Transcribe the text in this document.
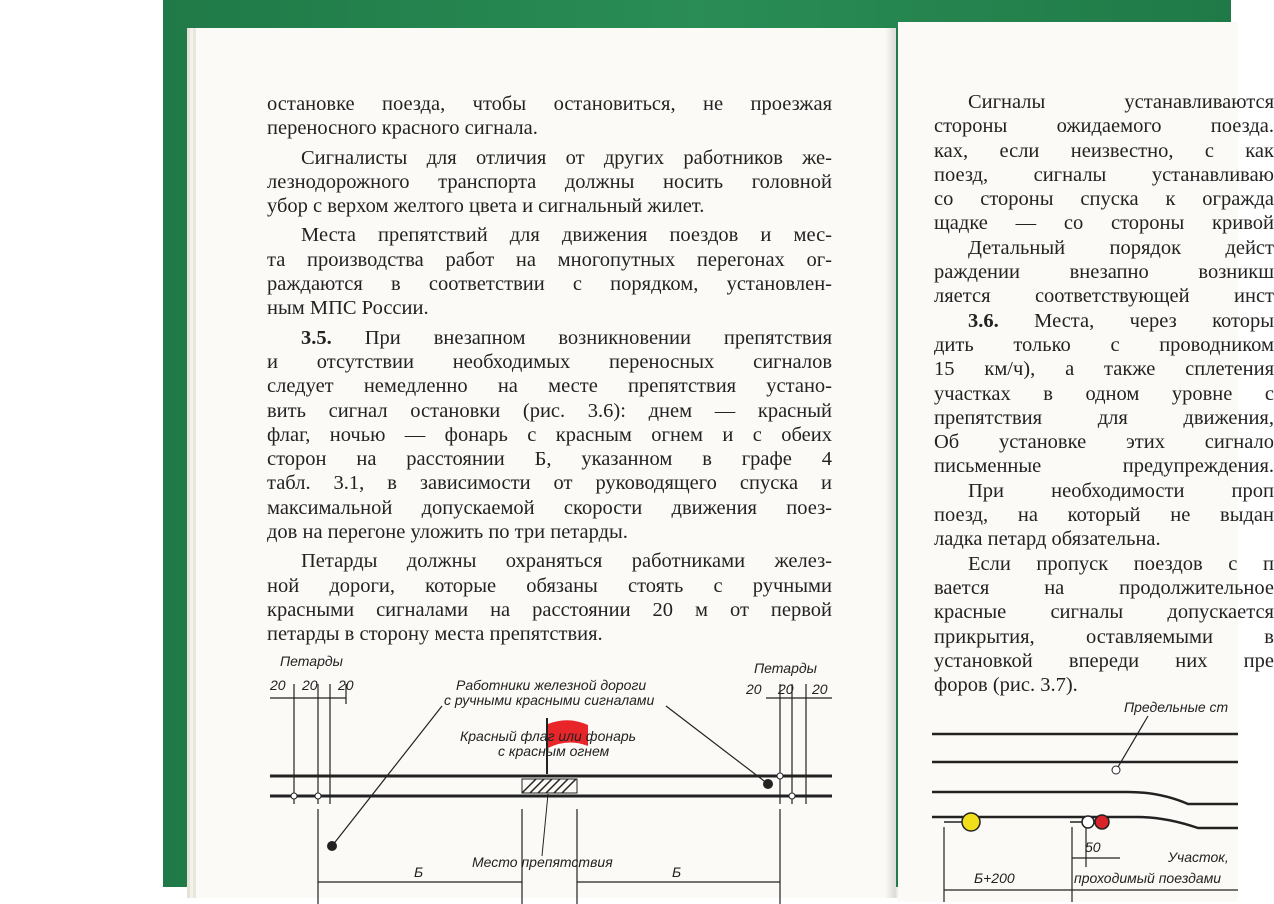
остановке поезда, чтобы остановиться, не проезжая
переносного красного сигнала.
Сигналисты для отличия от других работников же-
лезнодорожного транспорта должны носить головной
убор с верхом желтого цвета и сигнальный жилет.
Места препятствий для движения поездов и мес-
та производства работ на многопутных перегонах ог-
раждаются в соответствии с порядком, установлен-
ным МПС России.
3.5. При внезапном возникновении препятствия
и отсутствии необходимых переносных сигналов
следует немедленно на месте препятствия устано-
вить сигнал остановки (рис. 3.6): днем — красный
флаг, ночью — фонарь с красным огнем и с обеих
сторон на расстоянии Б, указанном в графе 4
табл. 3.1, в зависимости от руководящего спуска и
максимальной допускаемой скорости движения поез-
дов на перегоне уложить по три петарды.
Петарды должны охраняться работниками желез-
ной дороги, которые обязаны стоять с ручными
красными сигналами на расстоянии 20 м от первой
петарды в сторону места препятствия.
Петарды
20 20 20
Петарды
20 20 20
Работники железной дороги
с ручными красными сигналами
Красный флаг или фонарь
с красным огнем
Место препятствия
Б	Б
Сигналы устанавливаются
стороны ожидаемого поезда.
ках, если неизвестно, с как
поезд, сигналы устанавливаю
со стороны спуска к огражда
щадке — со стороны кривой
Детальный порядок дейст
раждении внезапно возникш
ляется соответствующей инст
3.6. Места, через которы
дить только с проводником
15 км/ч), а также сплетения
участках в одном уровне с
препятствия для движения,
Об установке этих сигнало
письменные предупреждения.
При необходимости проп
поезд, на который не выдан
ладка петард обязательна.
Если пропуск поездов с п
вается на продолжительное
красные сигналы допускается
прикрытия, оставляемыми в
установкой впереди них пре
форов (рис. 3.7).
Предельные ст
50
Б+200
Участок,
проходимый поездами
